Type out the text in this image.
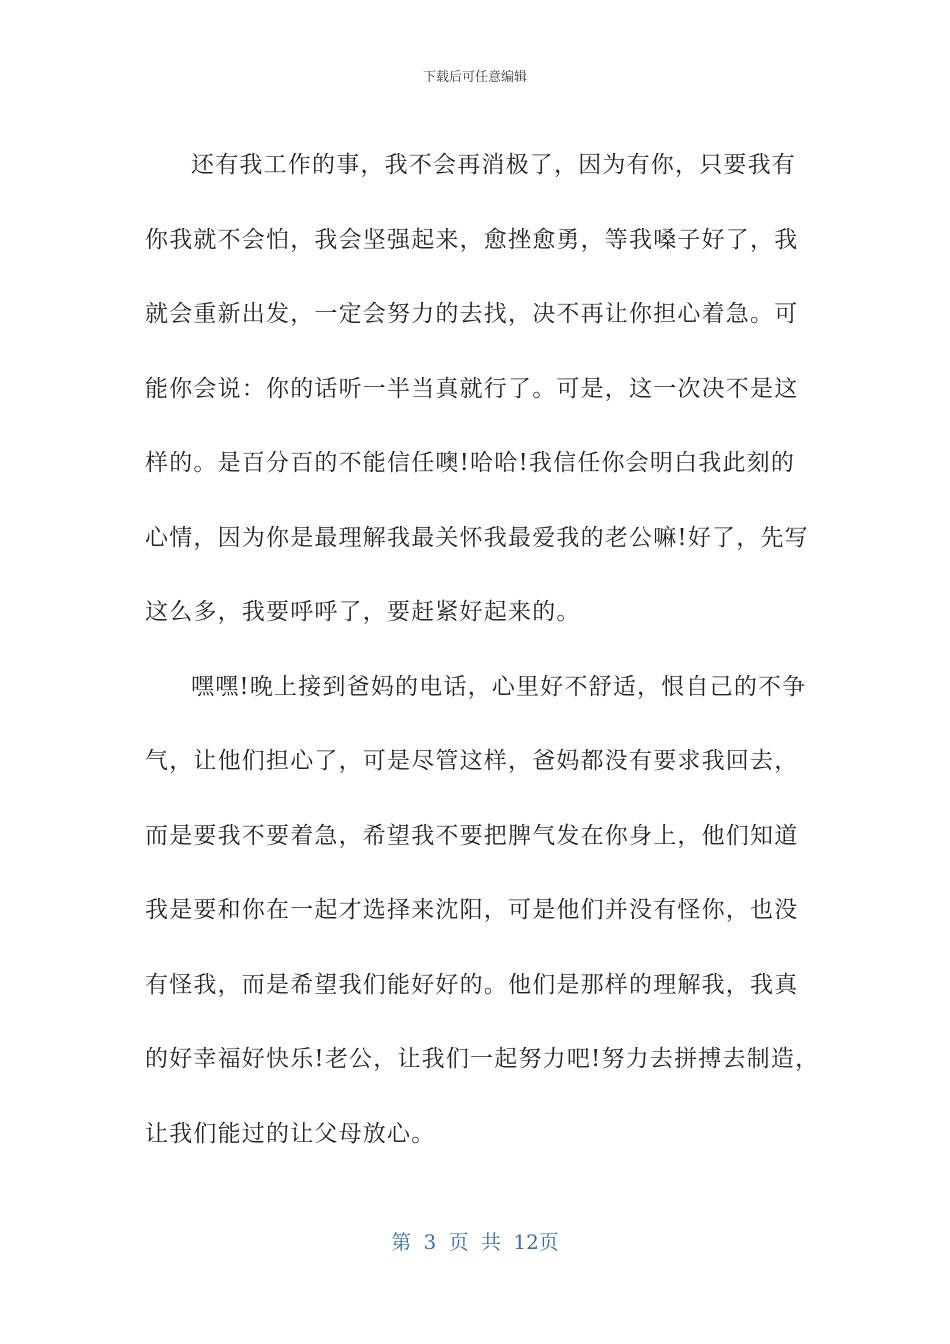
下载后可任意编辑
还有我工作的事，我不会再消极了，因为有你，只要我有
你我就不会怕，我会坚强起来，愈挫愈勇，等我嗓子好了，我
就会重新出发，一定会努力的去找，决不再让你担心着急。可
能你会说：你的话听一半当真就行了。可是，这一次决不是这
样的。是百分百的不能信任噢!哈哈!我信任你会明白我此刻的
心情，因为你是最理解我最关怀我最爱我的老公嘛!好了，先写
这么多，我要呼呼了，要赶紧好起来的。
嘿嘿!晚上接到爸妈的电话，心里好不舒适，恨自己的不争
气，让他们担心了，可是尽管这样，爸妈都没有要求我回去，
而是要我不要着急，希望我不要把脾气发在你身上，他们知道
我是要和你在一起才选择来沈阳，可是他们并没有怪你，也没
有怪我，而是希望我们能好好的。他们是那样的理解我，我真
的好幸福好快乐!老公，让我们一起努力吧!努力去拼搏去制造，
让我们能过的让父母放心。
第 3 页 共 12页
